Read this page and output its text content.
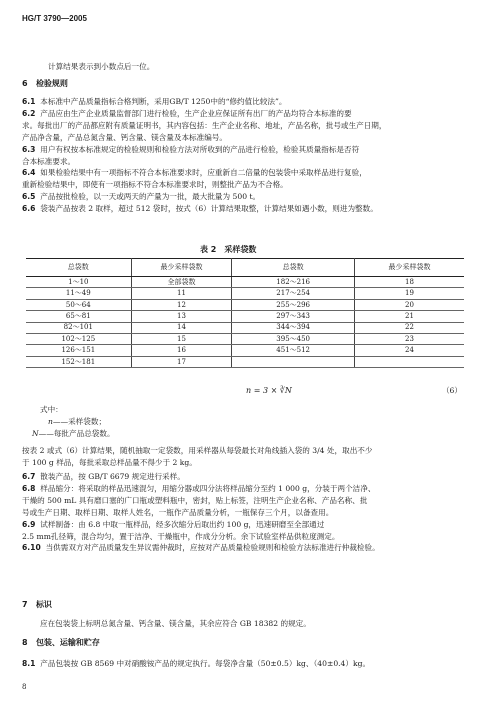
HG/T 3790—2005
计算结果表示到小数点后一位。
6 检验规则
6.1 本标准中产品质量指标合格判断，采用GB/T 1250中的“修约值比较法”。
6.2 产品应由生产企业质量监督部门进行检验，生产企业应保证所有出厂的产品均符合本标准的要
求。每批出厂的产品都应附有质量证明书，其内容包括：生产企业名称、地址，产品名称，批号或生产日期，
产品净含量，产品总氮含量、钙含量、镁含量及本标准编号。
6.3 用户有权按本标准规定的检验规则和检验方法对所收到的产品进行检验，检验其质量指标是否符
合本标准要求。
6.4 如果检验结果中有一项指标不符合本标准要求时，应重新自二倍量的包装袋中采取样品进行复验，
重新检验结果中，即使有一项指标不符合本标准要求时，则整批产品为不合格。
6.5 产品按批检验，以一天或两天的产量为一批，最大批量为 500 t。
6.6 袋装产品按表 2 取样，超过 512 袋时，按式（6）计算结果取整，计算结果如遇小数，则进为整数。
表 2　采样袋数
总袋数	最少采样袋数	总袋数	最少采样袋数
1～10	全部袋数	182～216	18
11～49	11	217～254	19
50～64	12	255～296	20
65～81	13	297～343	21
82～101	14	344～394	22
102～125	15	395～450	23
126～151	16	451～512	24
152～181	17		
n = 3 × ∛N	（6）
式中：
n——采样袋数；
N——每批产品总袋数。
按表 2 或式（6）计算结果，随机抽取一定袋数，用采样器从每袋最长对角线插入袋的 3/4 处，取出不少
于 100 g 样品，每批采取总样品量不得少于 2 kg。
6.7 散装产品，按 GB/T 6679 规定进行采样。
6.8 样品缩分：将采取的样品迅速混匀，用缩分器或四分法将样品缩分至约 1 000 g，分装于两个洁净、
干燥的 500 mL 具有磨口塞的广口瓶或塑料瓶中，密封，贴上标签，注明生产企业名称、产品名称、批
号或生产日期、取样日期、取样人姓名，一瓶作产品质量分析，一瓶保存三个月，以备查用。
6.9 试样制备：由 6.8 中取一瓶样品，经多次缩分后取出约 100 g，迅速研磨至全部通过
2.5 mm孔径筛，混合均匀，置于洁净、干燥瓶中，作成分分析。余下试验室样品供粒度测定。
6.10 当供需双方对产品质量发生异议需仲裁时，应按对产品质量检验规则和检验方法标准进行仲裁检验。
7 标识
应在包装袋上标明总氮含量、钙含量、镁含量，其余应符合 GB 18382 的规定。
8 包装、运输和贮存
8.1 产品包装按 GB 8569 中对硝酸铵产品的规定执行。每袋净含量（50±0.5）kg、（40±0.4）kg。
8
